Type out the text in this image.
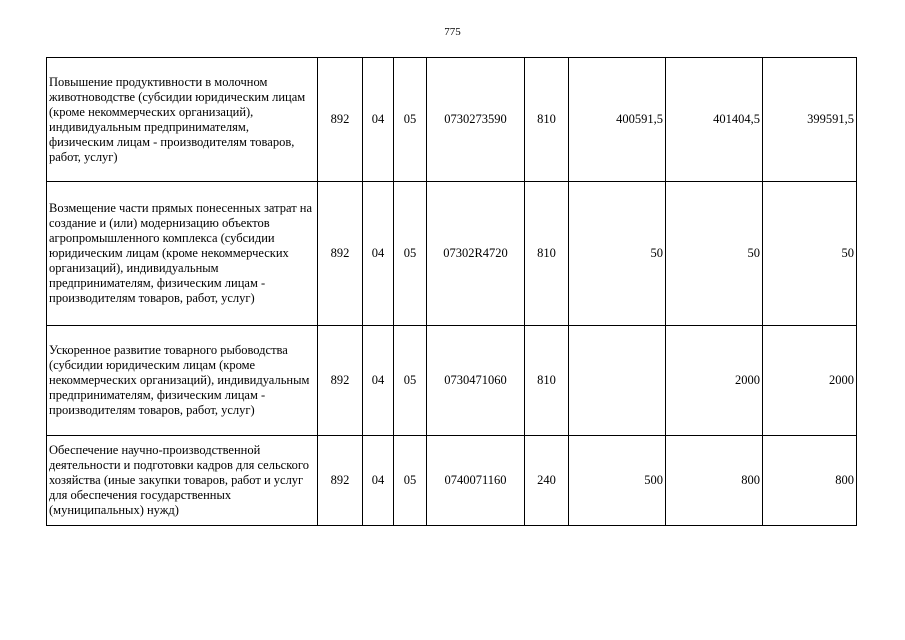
775
Повышение продуктивности в молочном животноводстве (субсидии юридическим лицам (кроме некоммерческих организаций), индивидуальным предпринимателям, физическим лицам - производителям товаров, работ, услуг)	892	04	05	0730273590	810	400591,5	401404,5	399591,5
Возмещение части прямых понесенных затрат на создание и (или) модернизацию объектов агропромышленного комплекса (субсидии юридическим лицам (кроме некоммерческих организаций), индивидуальным предпринимателям, физическим лицам - производителям товаров, работ, услуг)	892	04	05	07302R4720	810	50	50	50
Ускоренное развитие товарного рыбоводства (субсидии юридическим лицам (кроме некоммерческих организаций), индивидуальным предпринимателям, физическим лицам - производителям товаров, работ, услуг)	892	04	05	0730471060	810		2000	2000
Обеспечение научно-производственной деятельности и подготовки кадров для сельского хозяйства (иные закупки товаров, работ и услуг для обеспечения государственных (муниципальных) нужд)	892	04	05	0740071160	240	500	800	800
